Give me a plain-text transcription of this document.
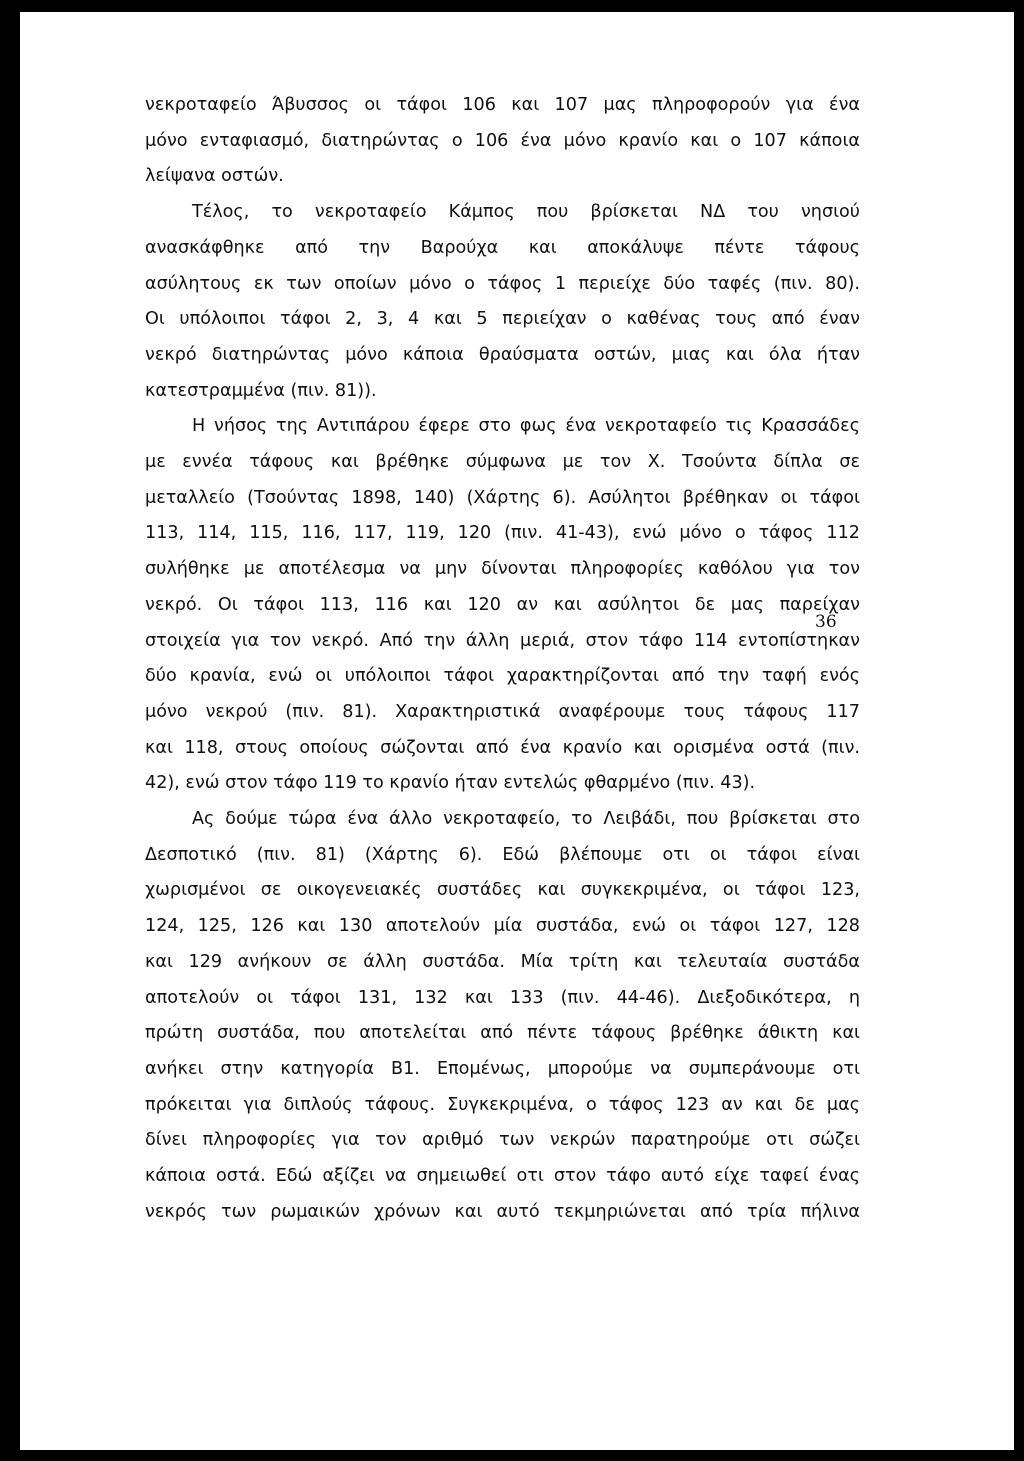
νεκροταφείο Άβυσσος οι τάφοι 106 και 107 μας πληροφορούν για ένα
μόνο ενταφιασμό, διατηρώντας ο 106 ένα μόνο κρανίο και ο 107 κάποια
λείψανα οστών.
Τέλος, το νεκροταφείο Κάμπος που βρίσκεται ΝΔ του νησιού
ανασκάφθηκε από την Βαρούχα και αποκάλυψε πέντε τάφους
ασύλητους εκ των οποίων μόνο ο τάφος 1 περιείχε δύο ταφές (πιν. 80).
Οι υπόλοιποι τάφοι 2, 3, 4 και 5 περιείχαν ο καθένας τους από έναν
νεκρό διατηρώντας μόνο κάποια θραύσματα οστών, μιας και όλα ήταν
κατεστραμμένα (πιν. 81)).
Η νήσος της Αντιπάρου έφερε στο φως ένα νεκροταφείο τις Κρασσάδες
με εννέα τάφους και βρέθηκε σύμφωνα με τον Χ. Τσούντα δίπλα σε
μεταλλείο (Τσούντας 1898, 140) (Χάρτης 6). Ασύλητοι βρέθηκαν οι τάφοι
113, 114, 115, 116, 117, 119, 120 (πιν. 41-43), ενώ μόνο ο τάφος 112
συλήθηκε με αποτέλεσμα να μην δίνονται πληροφορίες καθόλου για τον
νεκρό. Οι τάφοι 113, 116 και 120 αν και ασύλητοι δε μας παρείχαν
στοιχεία για τον νεκρό. Από την άλλη μεριά, στον τάφο 114 εντοπίστηκαν
δύο κρανία, ενώ οι υπόλοιποι τάφοι χαρακτηρίζονται από την ταφή ενός
μόνο νεκρού (πιν. 81). Χαρακτηριστικά αναφέρουμε τους τάφους 117
και 118, στους οποίους σώζονται από ένα κρανίο και ορισμένα οστά (πιν.
42), ενώ στον τάφο 119 το κρανίο ήταν εντελώς φθαρμένο (πιν. 43).
Ας δούμε τώρα ένα άλλο νεκροταφείο, το Λειβάδι, που βρίσκεται στο
Δεσποτικό (πιν. 81) (Χάρτης 6). Εδώ βλέπουμε οτι οι τάφοι είναι
χωρισμένοι σε οικογενειακές συστάδες και συγκεκριμένα, οι τάφοι 123,
124, 125, 126 και 130 αποτελούν μία συστάδα, ενώ οι τάφοι 127, 128
και 129 ανήκουν σε άλλη συστάδα. Μία τρίτη και τελευταία συστάδα
αποτελούν οι τάφοι 131, 132 και 133 (πιν. 44-46). Διεξοδικότερα, η
πρώτη συστάδα, που αποτελείται από πέντε τάφους βρέθηκε άθικτη και
ανήκει στην κατηγορία Β1. Επομένως, μπορούμε να συμπεράνουμε οτι
πρόκειται για διπλούς τάφους. Συγκεκριμένα, ο τάφος 123 αν και δε μας
δίνει πληροφορίες για τον αριθμό των νεκρών παρατηρούμε οτι σώζει
κάποια οστά. Εδώ αξίζει να σημειωθεί οτι στον τάφο αυτό είχε ταφεί ένας
νεκρός των ρωμαικών χρόνων και αυτό τεκμηριώνεται από τρία πήλινα
36
